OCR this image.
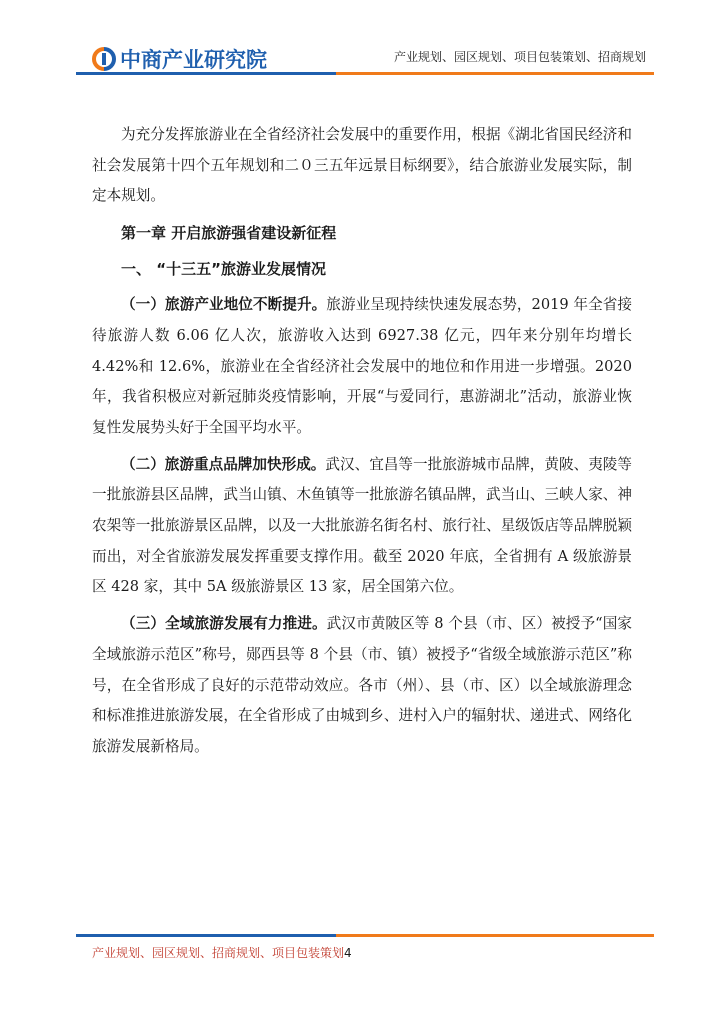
中商产业研究院	产业规划、园区规划、项目包装策划、招商规划

为充分发挥旅游业在全省经济社会发展中的重要作用，根据《湖北省国民经济和社会发展第十四个五年规划和二０三五年远景目标纲要》，结合旅游业发展实际，制定本规划。

第一章 开启旅游强省建设新征程
一、 “十三五”旅游业发展情况

（一）旅游产业地位不断提升。旅游业呈现持续快速发展态势，2019 年全省接待旅游人数 6.06 亿人次，旅游收入达到 6927.38 亿元，四年来分别年均增长 4.42%和 12.6%，旅游业在全省经济社会发展中的地位和作用进一步增强。2020 年，我省积极应对新冠肺炎疫情影响，开展“与爱同行，惠游湖北”活动，旅游业恢复性发展势头好于全国平均水平。

（二）旅游重点品牌加快形成。武汉、宜昌等一批旅游城市品牌，黄陂、夷陵等一批旅游县区品牌，武当山镇、木鱼镇等一批旅游名镇品牌，武当山、三峡人家、神农架等一批旅游景区品牌，以及一大批旅游名街名村、旅行社、星级饭店等品牌脱颖而出，对全省旅游发展发挥重要支撑作用。截至 2020 年底，全省拥有 A 级旅游景区 428 家，其中 5A 级旅游景区 13 家，居全国第六位。

（三）全域旅游发展有力推进。武汉市黄陂区等 8 个县（市、区）被授予“国家全域旅游示范区”称号，郧西县等 8 个县（市、镇）被授予“省级全域旅游示范区”称号，在全省形成了良好的示范带动效应。各市（州）、县（市、区）以全域旅游理念和标准推进旅游发展，在全省形成了由城到乡、进村入户的辐射状、递进式、网络化旅游发展新格局。

产业规划、园区规划、招商规划、项目包装策划4
